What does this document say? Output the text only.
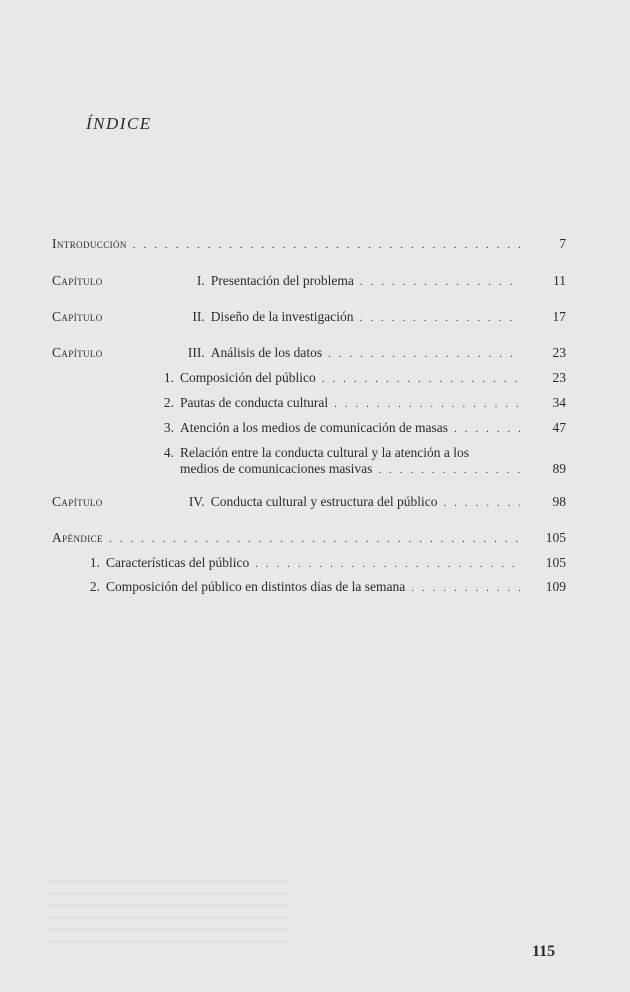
ÍNDICE
Introducción . . .	7
Capítulo	I. Presentación del problema . . .	11
Capítulo	II. Diseño de la investigación . . .	17
Capítulo	III. Análisis de los datos . . .	23
1. Composición del público . . .	23
2. Pautas de conducta cultural . . .	34
3. Atención a los medios de comunicación de masas . . .	47
4. Relación entre la conducta cultural y la atención a los
medios de comunicaciones masivas . . .	89
Capítulo	IV. Conducta cultural y estructura del público . . .	98
Apéndice . . .	105
1. Características del público . . .	105
2. Composición del público en distintos días de la semana . . .	109
115
